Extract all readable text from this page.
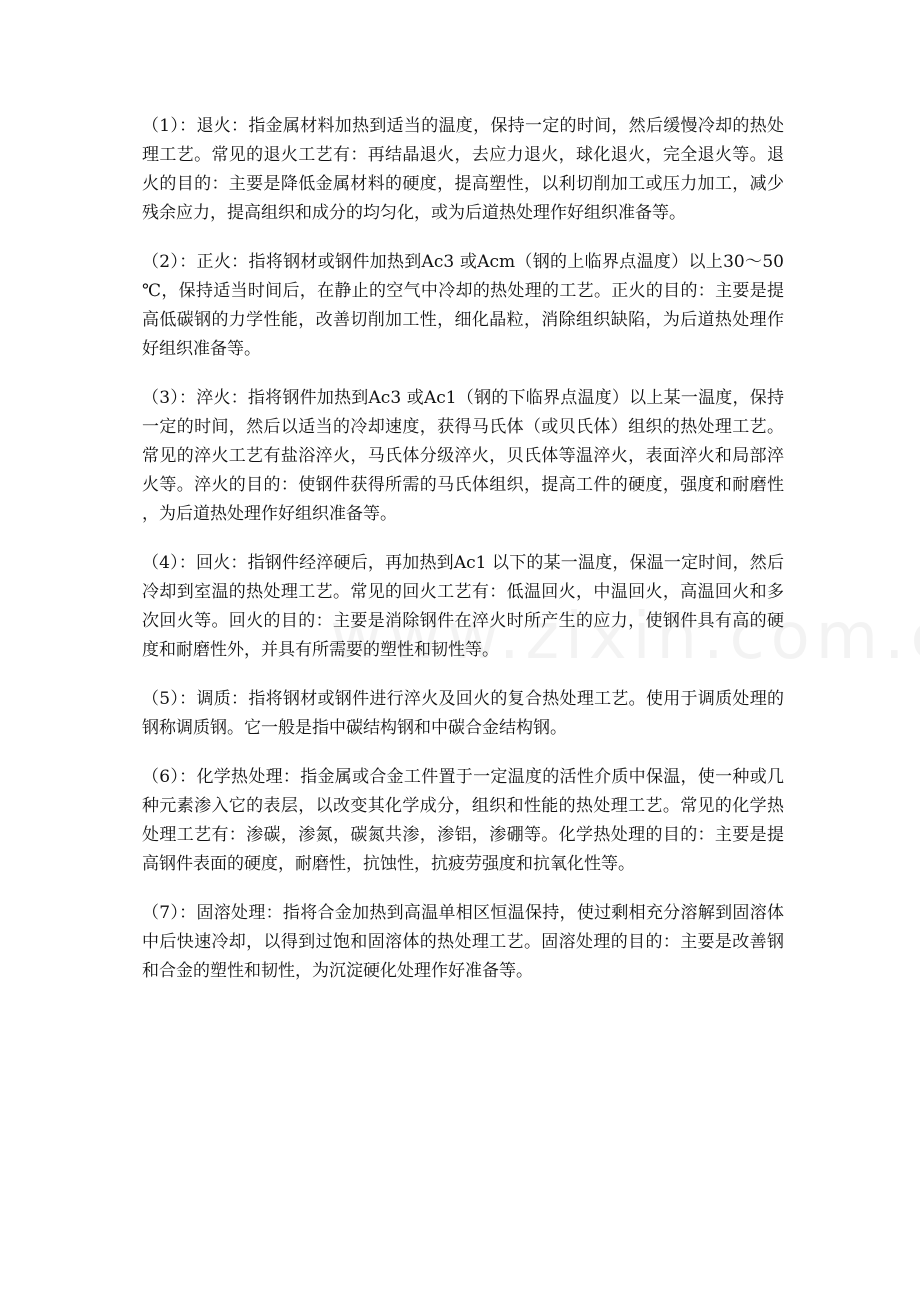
（1）：退火：指金属材料加热到适当的温度，保持一定的时间，然后缓慢冷却的热处理工艺。常见的退火工艺有：再结晶退火，去应力退火，球化退火，完全退火等。退火的目的：主要是降低金属材料的硬度，提高塑性，以利切削加工或压力加工，减少残余应力，提高组织和成分的均匀化，或为后道热处理作好组织准备等。

（2）：正火：指将钢材或钢件加热到Ac3 或Acm（钢的上临界点温度）以上30～50℃，保持适当时间后，在静止的空气中冷却的热处理的工艺。正火的目的：主要是提高低碳钢的力学性能，改善切削加工性，细化晶粒，消除组织缺陷，为后道热处理作好组织准备等。

（3）：淬火：指将钢件加热到Ac3 或Ac1（钢的下临界点温度）以上某一温度，保持一定的时间，然后以适当的冷却速度，获得马氏体（或贝氏体）组织的热处理工艺。常见的淬火工艺有盐浴淬火，马氏体分级淬火，贝氏体等温淬火，表面淬火和局部淬火等。淬火的目的：使钢件获得所需的马氏体组织，提高工件的硬度，强度和耐磨性，为后道热处理作好组织准备等。

（4）：回火：指钢件经淬硬后，再加热到Ac1 以下的某一温度，保温一定时间，然后冷却到室温的热处理工艺。常见的回火工艺有：低温回火，中温回火，高温回火和多次回火等。回火的目的：主要是消除钢件在淬火时所产生的应力，使钢件具有高的硬度和耐磨性外，并具有所需要的塑性和韧性等。

（5）：调质：指将钢材或钢件进行淬火及回火的复合热处理工艺。使用于调质处理的钢称调质钢。它一般是指中碳结构钢和中碳合金结构钢。

（6）：化学热处理：指金属或合金工件置于一定温度的活性介质中保温，使一种或几种元素渗入它的表层，以改变其化学成分，组织和性能的热处理工艺。常见的化学热处理工艺有：渗碳，渗氮，碳氮共渗，渗铝，渗硼等。化学热处理的目的：主要是提高钢件表面的硬度，耐磨性，抗蚀性，抗疲劳强度和抗氧化性等。

（7）：固溶处理：指将合金加热到高温单相区恒温保持，使过剩相充分溶解到固溶体中后快速冷却，以得到过饱和固溶体的热处理工艺。固溶处理的目的：主要是改善钢和合金的塑性和韧性，为沉淀硬化处理作好准备等。
